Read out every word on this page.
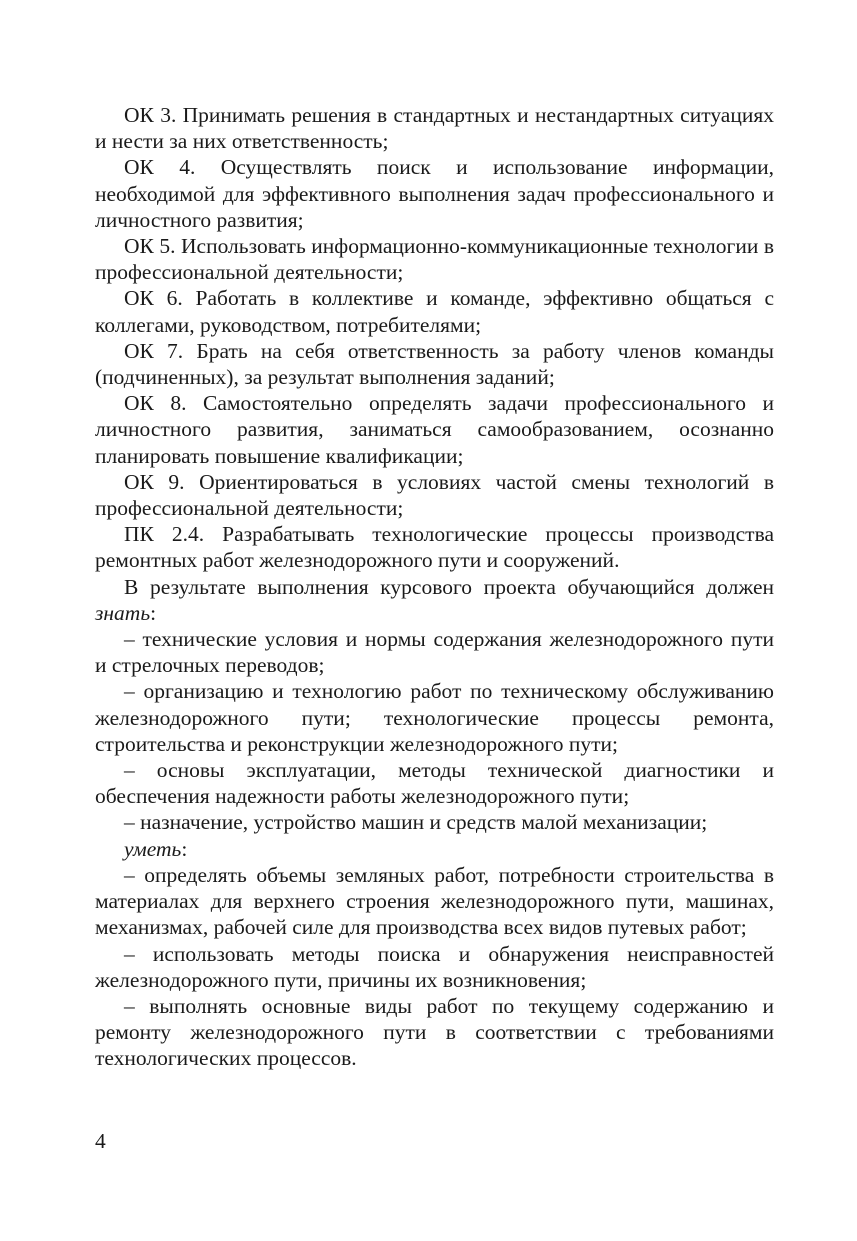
ОК 3. Принимать решения в стандартных и нестандартных ситуациях и нести за них ответственность;

ОК 4. Осуществлять поиск и использование информации, необходимой для эффективного выполнения задач профессионального и личностного развития;

ОК 5. Использовать информационно-коммуникационные технологии в профессиональной деятельности;

ОК 6. Работать в коллективе и команде, эффективно общаться с коллегами, руководством, потребителями;

ОК 7. Брать на себя ответственность за работу членов команды (подчиненных), за результат выполнения заданий;

ОК 8. Самостоятельно определять задачи профессионального и личностного развития, заниматься самообразованием, осознанно планировать повышение квалификации;

ОК 9. Ориентироваться в условиях частой смены технологий в профессиональной деятельности;

ПК 2.4. Разрабатывать технологические процессы производства ремонтных работ железнодорожного пути и сооружений.

В результате выполнения курсового проекта обучающийся должен знать:

– технические условия и нормы содержания железнодорожного пути и стрелочных переводов;

– организацию и технологию работ по техническому обслуживанию железнодорожного пути; технологические процессы ремонта, строительства и реконструкции железнодорожного пути;

– основы эксплуатации, методы технической диагностики и обеспечения надежности работы железнодорожного пути;

– назначение, устройство машин и средств малой механизации;

уметь:

– определять объемы земляных работ, потребности строительства в материалах для верхнего строения железнодорожного пути, машинах, механизмах, рабочей силе для производства всех видов путевых работ;

– использовать методы поиска и обнаружения неисправностей железнодорожного пути, причины их возникновения;

– выполнять основные виды работ по текущему содержанию и ремонту железнодорожного пути в соответствии с требованиями технологических процессов.

4
